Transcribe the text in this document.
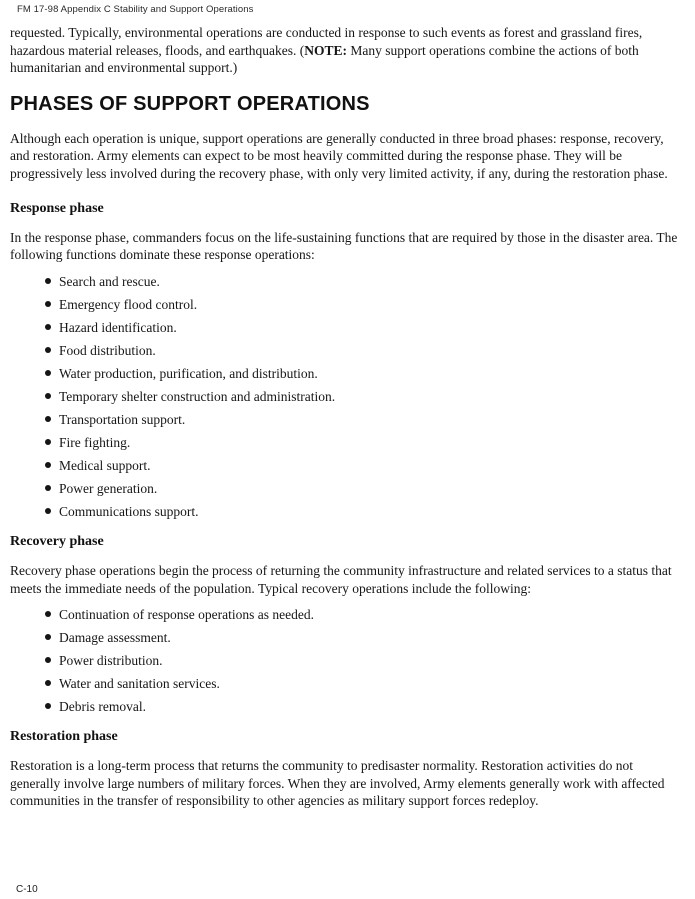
FM 17-98 Appendix C Stability and Support Operations

requested. Typically, environmental operations are conducted in response to such events as forest and grassland fires, hazardous material releases, floods, and earthquakes. (NOTE: Many support operations combine the actions of both humanitarian and environmental support.)

PHASES OF SUPPORT OPERATIONS

Although each operation is unique, support operations are generally conducted in three broad phases: response, recovery, and restoration. Army elements can expect to be most heavily committed during the response phase. They will be progressively less involved during the recovery phase, with only very limited activity, if any, during the restoration phase.

Response phase

In the response phase, commanders focus on the life-sustaining functions that are required by those in the disaster area. The following functions dominate these response operations:

Search and rescue.
Emergency flood control.
Hazard identification.
Food distribution.
Water production, purification, and distribution.
Temporary shelter construction and administration.
Transportation support.
Fire fighting.
Medical support.
Power generation.
Communications support.
Recovery phase

Recovery phase operations begin the process of returning the community infrastructure and related services to a status that meets the immediate needs of the population. Typical recovery operations include the following:

Continuation of response operations as needed.
Damage assessment.
Power distribution.
Water and sanitation services.
Debris removal.
Restoration phase

Restoration is a long-term process that returns the community to predisaster normality. Restoration activities do not generally involve large numbers of military forces. When they are involved, Army elements generally work with affected communities in the transfer of responsibility to other agencies as military support forces redeploy.

C-10
